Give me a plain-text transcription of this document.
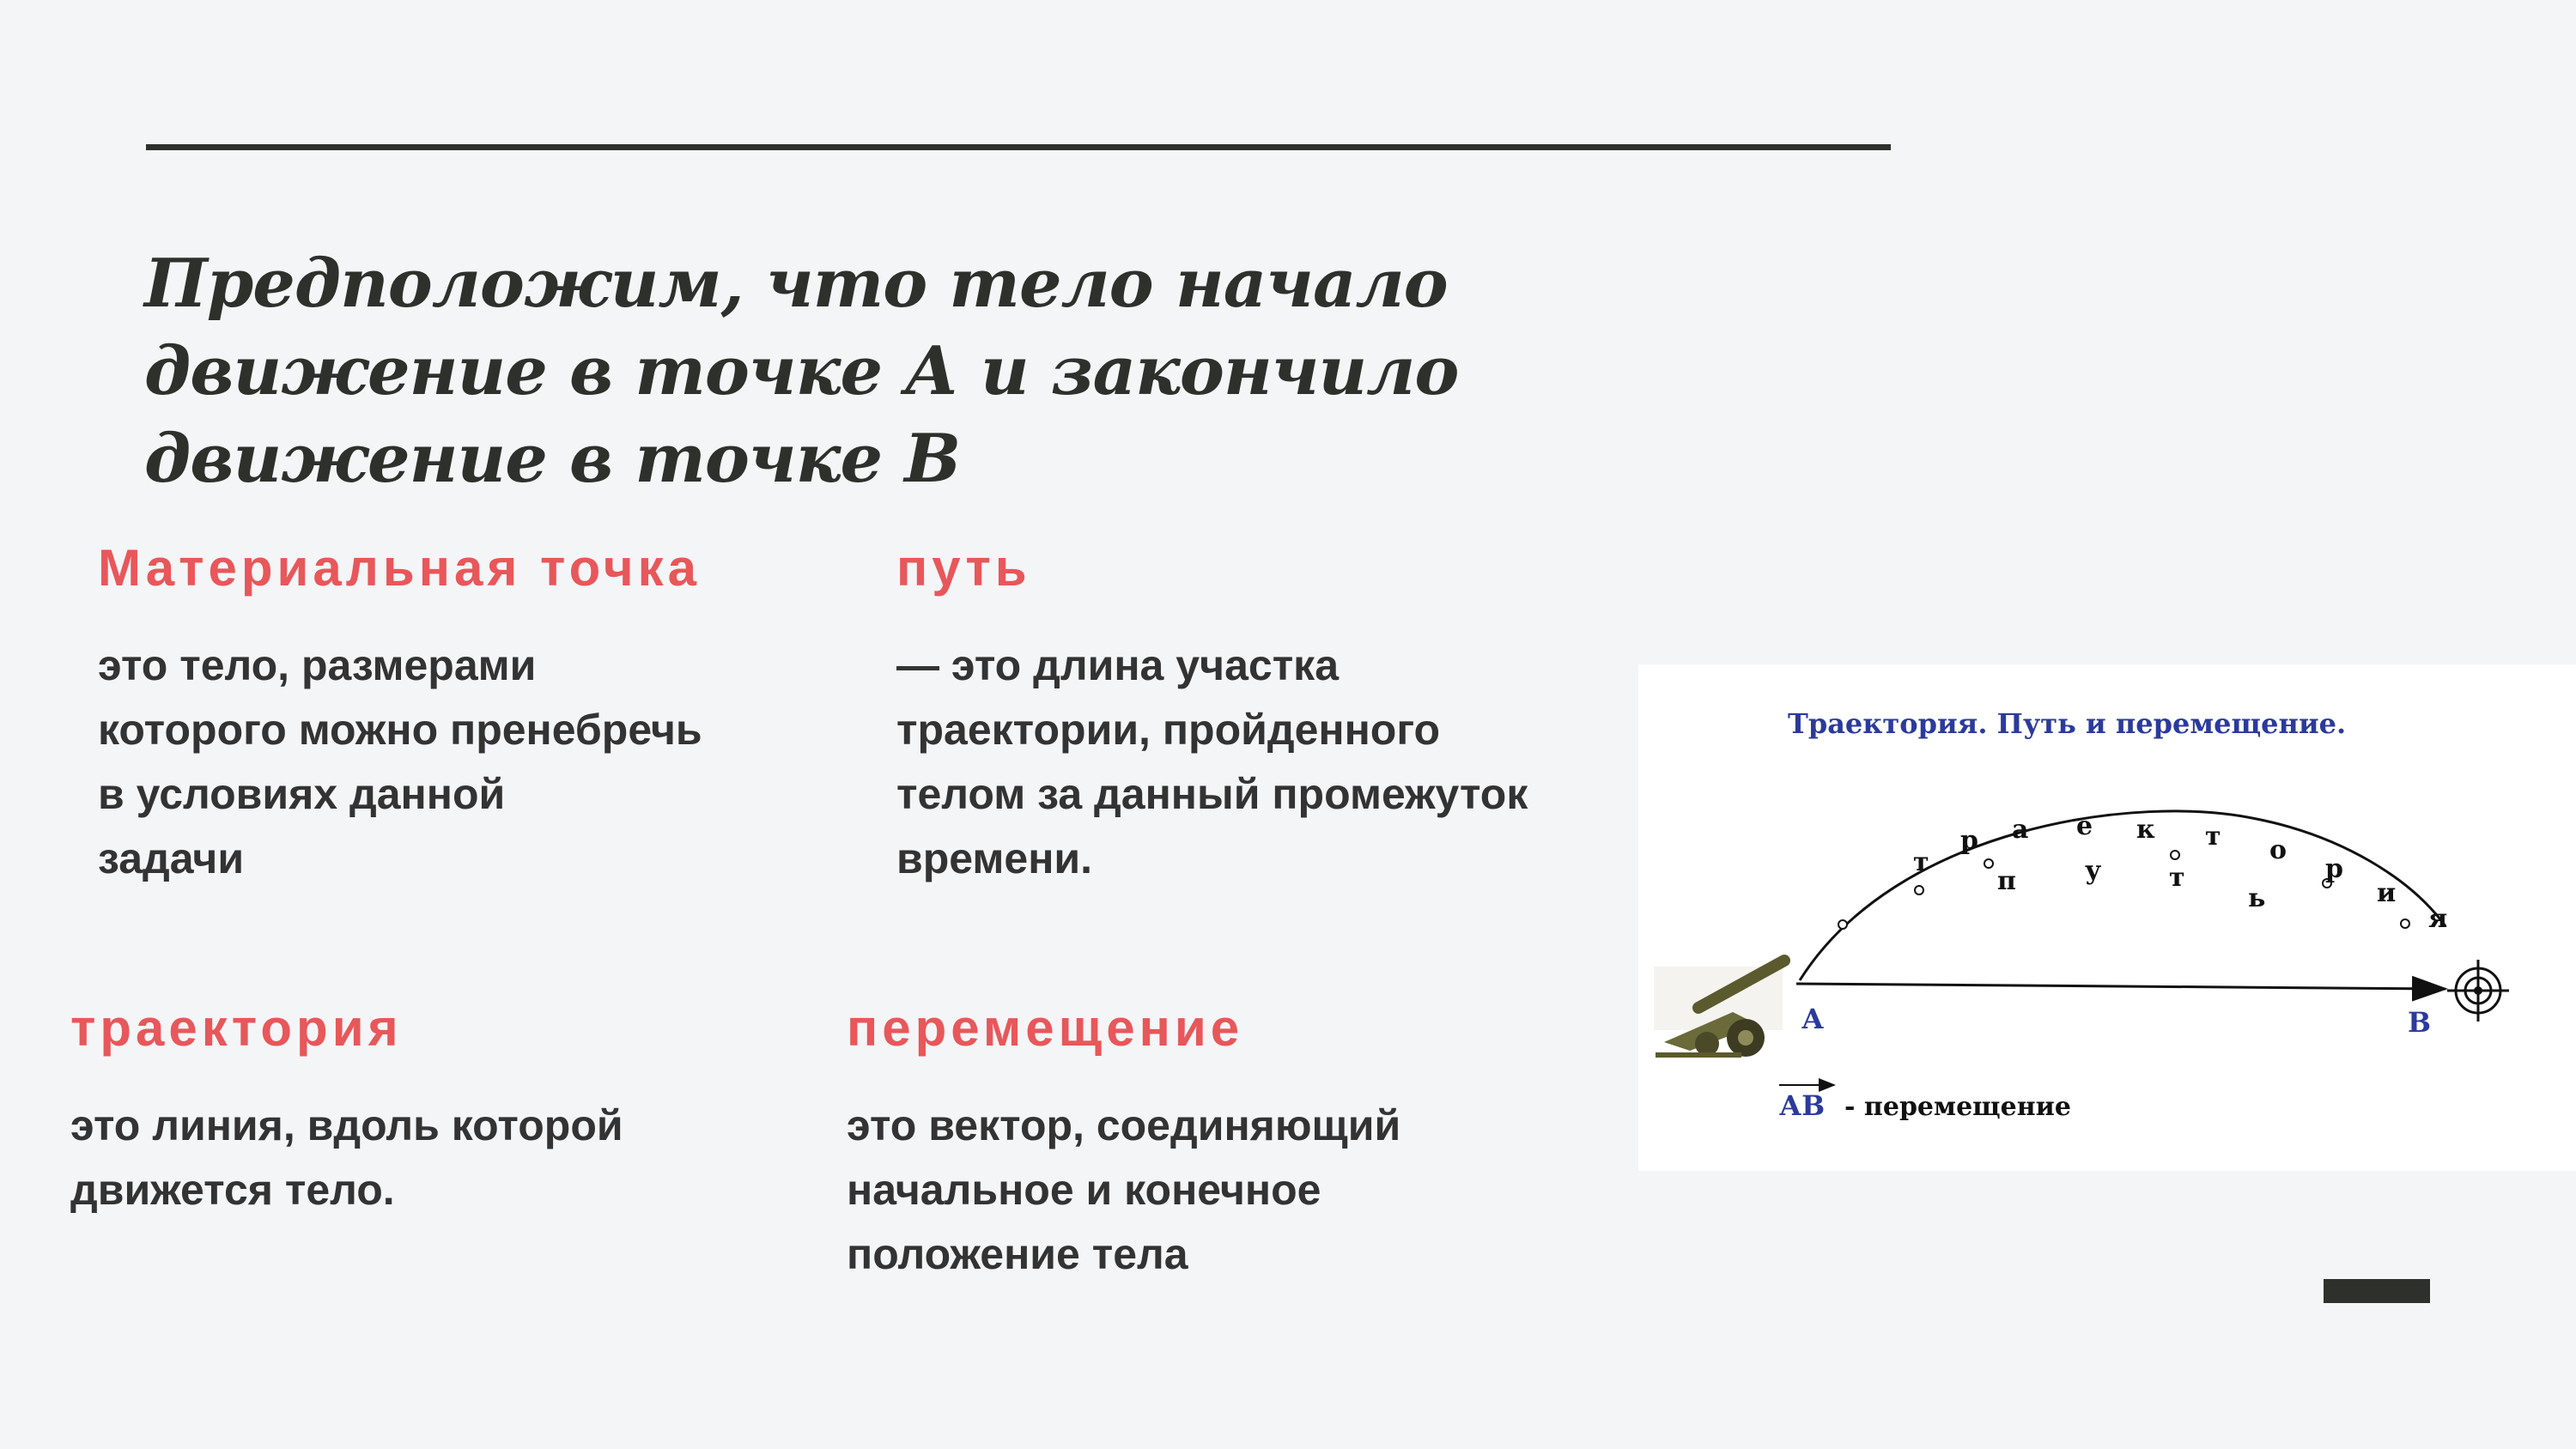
Предположим, что тело начало движение в точке А и закончило движение в точке В
Материальная точка

это тело, размерами
которого можно пренебречь
в условиях данной
задачи

путь

— это длина участка
траектории, пройденного
телом за данный промежуток
времени.

траектория

это линия, вдоль которой
движется тело.

перемещение

это вектор, соединяющий
начальное и конечное
положение тела

Траектория. Путь и перемещение.
т
р а е к т о
р
и
я
п	у	т
ь
А	В
АВ - перемещение
